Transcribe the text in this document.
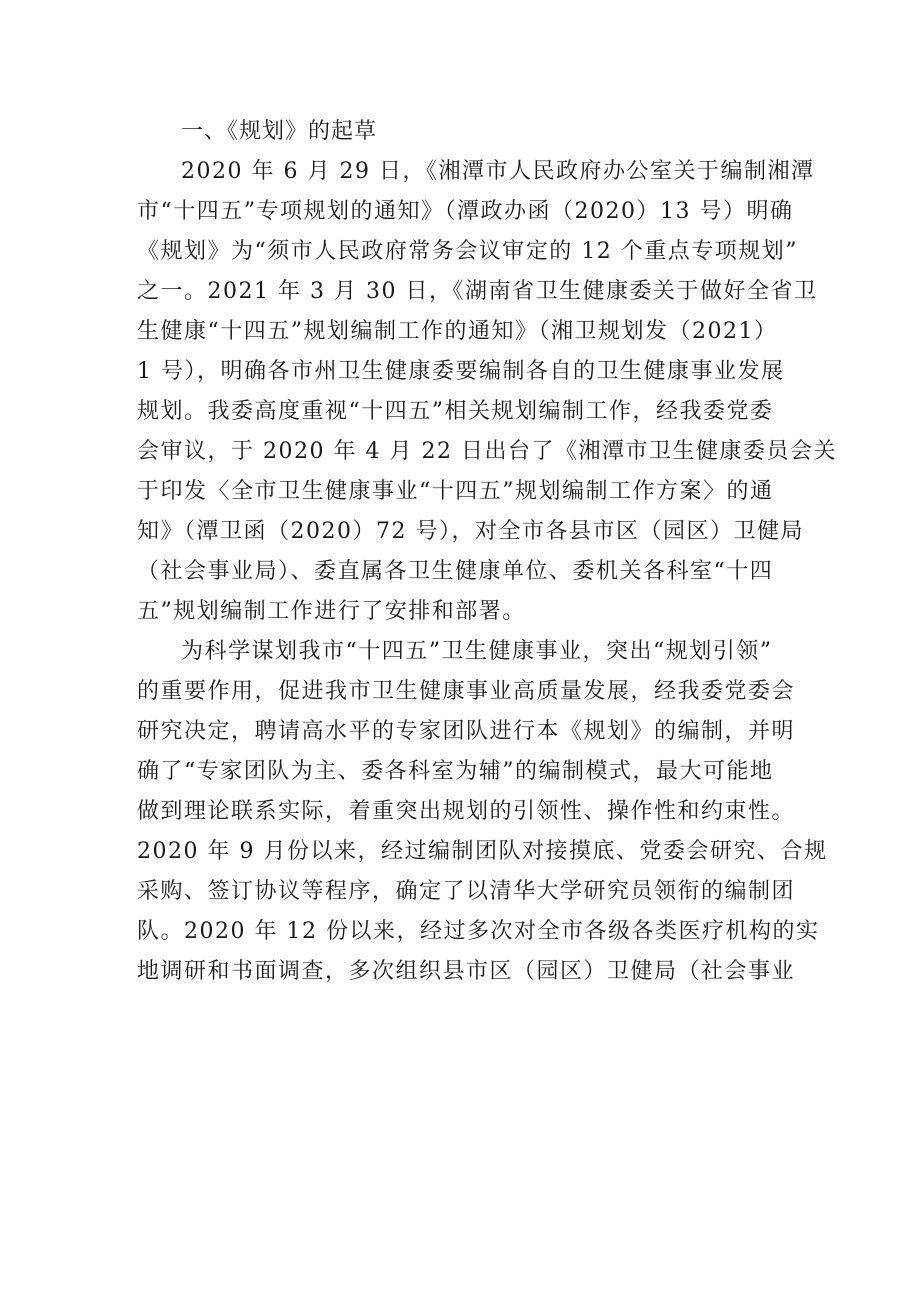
一、《规划》的起草
2020 年 6 月 29 日，《湘潭市人民政府办公室关于编制湘潭
市“十四五”专项规划的通知》（潭政办函（2020）13 号）明确
《规划》为“须市人民政府常务会议审定的 12 个重点专项规划”
之一。2021 年 3 月 30 日，《湖南省卫生健康委关于做好全省卫
生健康“十四五”规划编制工作的通知》（湘卫规划发（2021）
1 号），明确各市州卫生健康委要编制各自的卫生健康事业发展
规划。我委高度重视“十四五”相关规划编制工作，经我委党委
会审议，于 2020 年 4 月 22 日出台了《湘潭市卫生健康委员会关
于印发〈全市卫生健康事业“十四五”规划编制工作方案〉的通
知》（潭卫函（2020）72 号），对全市各县市区（园区）卫健局
（社会事业局）、委直属各卫生健康单位、委机关各科室“十四
五”规划编制工作进行了安排和部署。
为科学谋划我市“十四五”卫生健康事业，突出“规划引领”
的重要作用，促进我市卫生健康事业高质量发展，经我委党委会
研究决定，聘请高水平的专家团队进行本《规划》的编制，并明
确了“专家团队为主、委各科室为辅”的编制模式，最大可能地
做到理论联系实际，着重突出规划的引领性、操作性和约束性。
2020 年 9 月份以来，经过编制团队对接摸底、党委会研究、合规
采购、签订协议等程序，确定了以清华大学研究员领衔的编制团
队。2020 年 12 份以来，经过多次对全市各级各类医疗机构的实
地调研和书面调查，多次组织县市区（园区）卫健局（社会事业
